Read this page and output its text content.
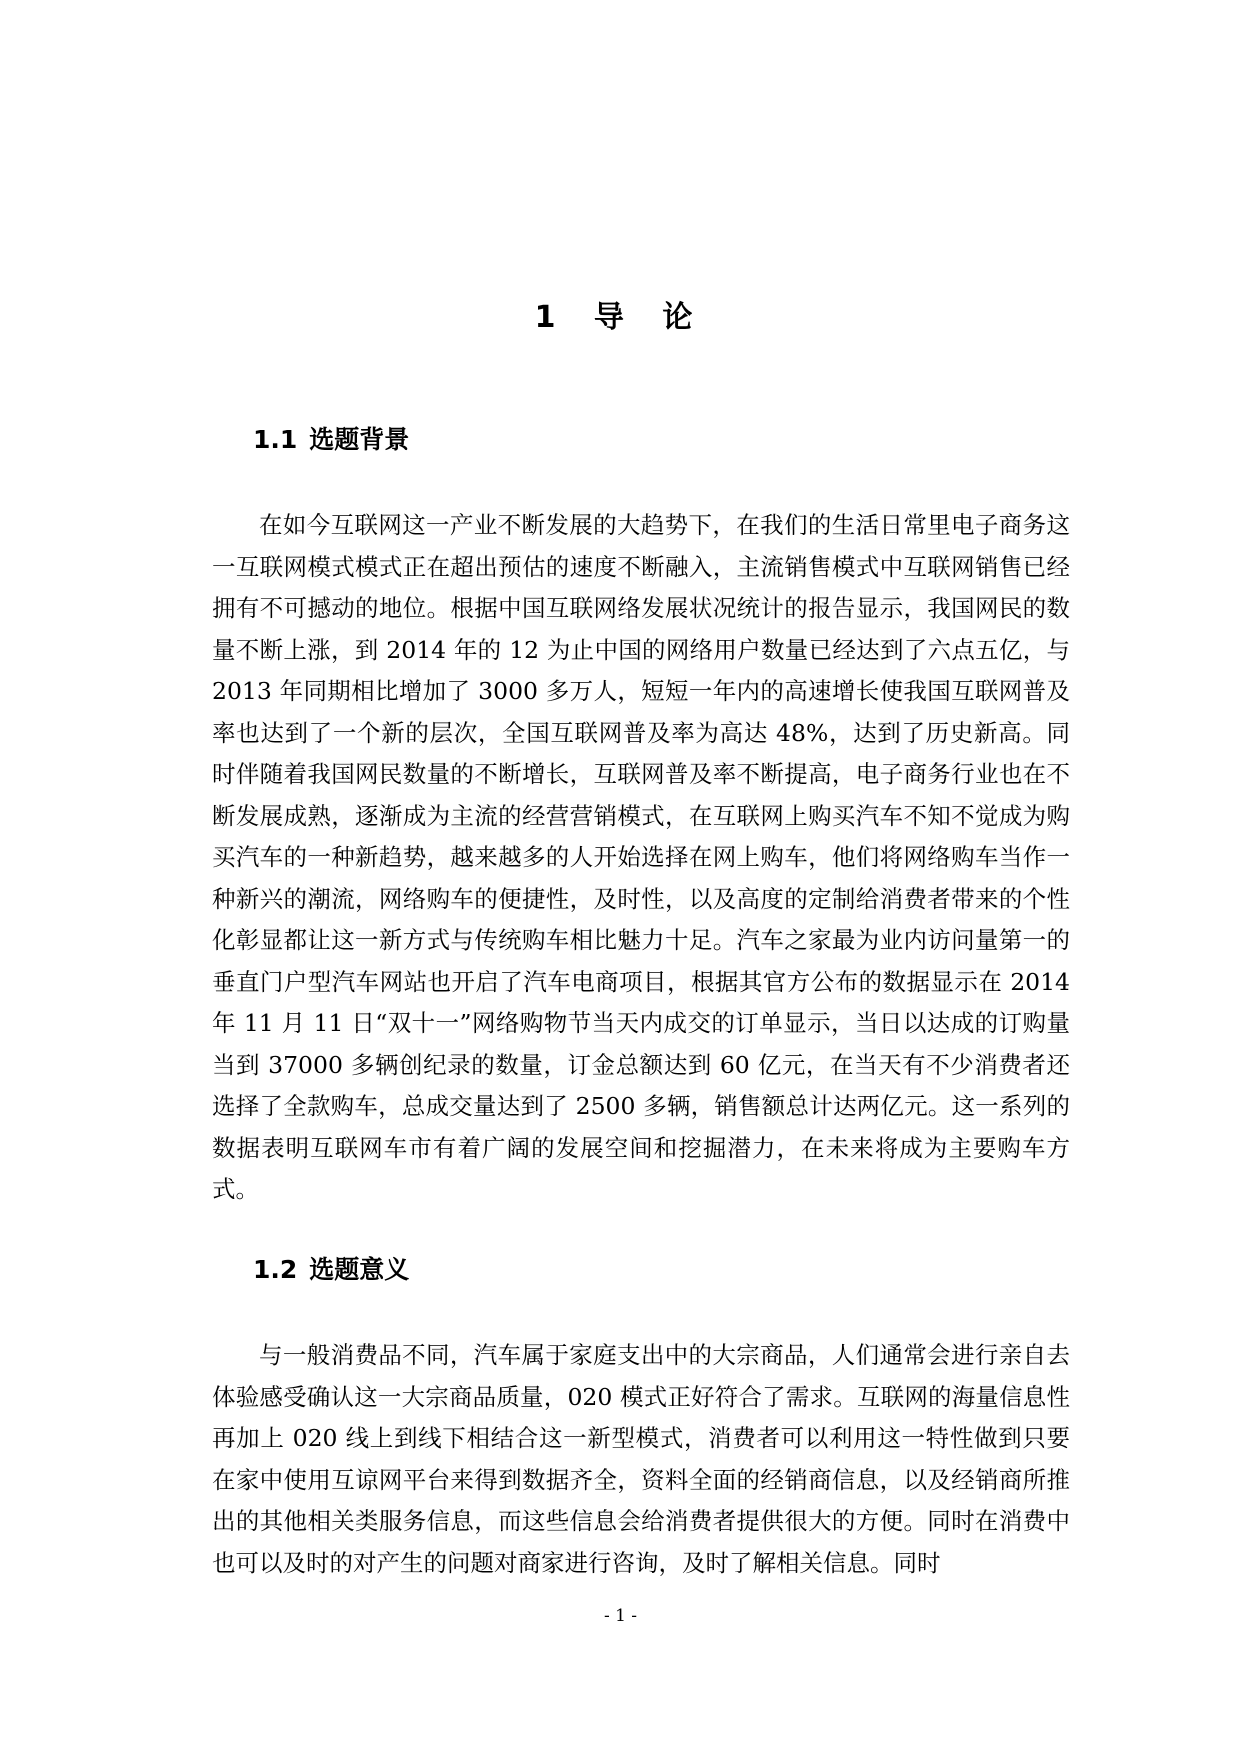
1 导 论
1.1 选题背景

在如今互联网这一产业不断发展的大趋势下，在我们的生活日常里电子商务这一互联网模式模式正在超出预估的速度不断融入，主流销售模式中互联网销售已经拥有不可撼动的地位。根据中国互联网络发展状况统计的报告显示，我国网民的数量不断上涨，到 2014 年的 12 为止中国的网络用户数量已经达到了六点五亿，与 2013 年同期相比增加了 3000 多万人，短短一年内的高速增长使我国互联网普及率也达到了一个新的层次，全国互联网普及率为高达 48%，达到了历史新高。同时伴随着我国网民数量的不断增长，互联网普及率不断提高，电子商务行业也在不断发展成熟，逐渐成为主流的经营营销模式，在互联网上购买汽车不知不觉成为购买汽车的一种新趋势，越来越多的人开始选择在网上购车，他们将网络购车当作一种新兴的潮流，网络购车的便捷性，及时性，以及高度的定制给消费者带来的个性化彰显都让这一新方式与传统购车相比魅力十足。汽车之家最为业内访问量第一的垂直门户型汽车网站也开启了汽车电商项目，根据其官方公布的数据显示在 2014 年 11 月 11 日“双十一”网络购物节当天内成交的订单显示，当日以达成的订购量当到 37000 多辆创纪录的数量，订金总额达到 60 亿元，在当天有不少消费者还选择了全款购车，总成交量达到了 2500 多辆，销售额总计达两亿元。这一系列的数据表明互联网车市有着广阔的发展空间和挖掘潜力，在未来将成为主要购车方式。

1.2 选题意义

与一般消费品不同，汽车属于家庭支出中的大宗商品，人们通常会进行亲自去体验感受确认这一大宗商品质量，020 模式正好符合了需求。互联网的海量信息性再加上 020 线上到线下相结合这一新型模式，消费者可以利用这一特性做到只要在家中使用互谅网平台来得到数据齐全，资料全面的经销商信息，以及经销商所推出的其他相关类服务信息，而这些信息会给消费者提供很大的方便。同时在消费中也可以及时的对产生的问题对商家进行咨询，及时了解相关信息。同时

- 1 -
